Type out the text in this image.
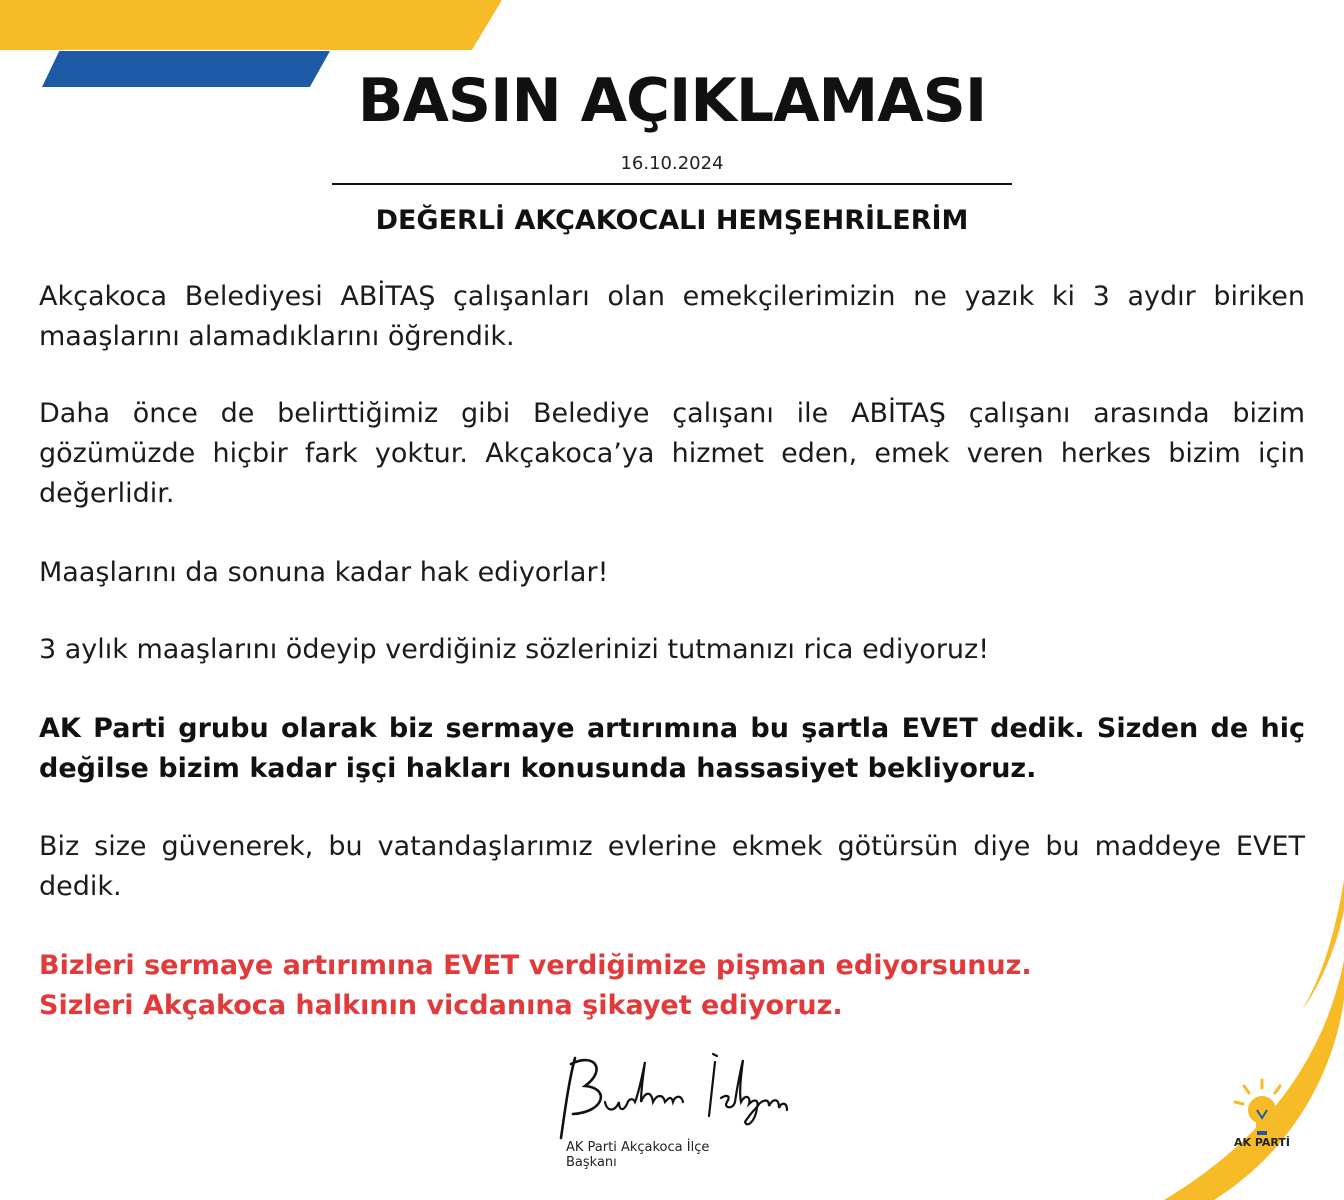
BASIN AÇIKLAMASI
16.10.2024
DEĞERLİ AKÇAKOCALI HEMŞEHRİLERİM

Akçakoca Belediyesi ABİTAŞ çalışanları olan emekçilerimizin ne yazık ki 3 aydır biriken maaşlarını alamadıklarını öğrendik.

Daha önce de belirttiğimiz gibi Belediye çalışanı ile ABİTAŞ çalışanı arasında bizim gözümüzde hiçbir fark yoktur. Akçakoca’ya hizmet eden, emek veren herkes bizim için değerlidir.

Maaşlarını da sonuna kadar hak ediyorlar!

3 aylık maaşlarını ödeyip verdiğiniz sözlerinizi tutmanızı rica ediyoruz!

AK Parti grubu olarak biz sermaye artırımına bu şartla EVET dedik. Sizden de hiç değilse bizim kadar işçi hakları konusunda hassasiyet bekliyoruz.

Biz size güvenerek, bu vatandaşlarımız evlerine ekmek götürsün diye bu maddeye EVET dedik.

Bizleri sermaye artırımına EVET verdiğimize pişman ediyorsunuz.
Sizleri Akçakoca halkının vicdanına şikayet ediyoruz.

AK Parti Akçakoca İlçe Başkanı
AK PARTİ
